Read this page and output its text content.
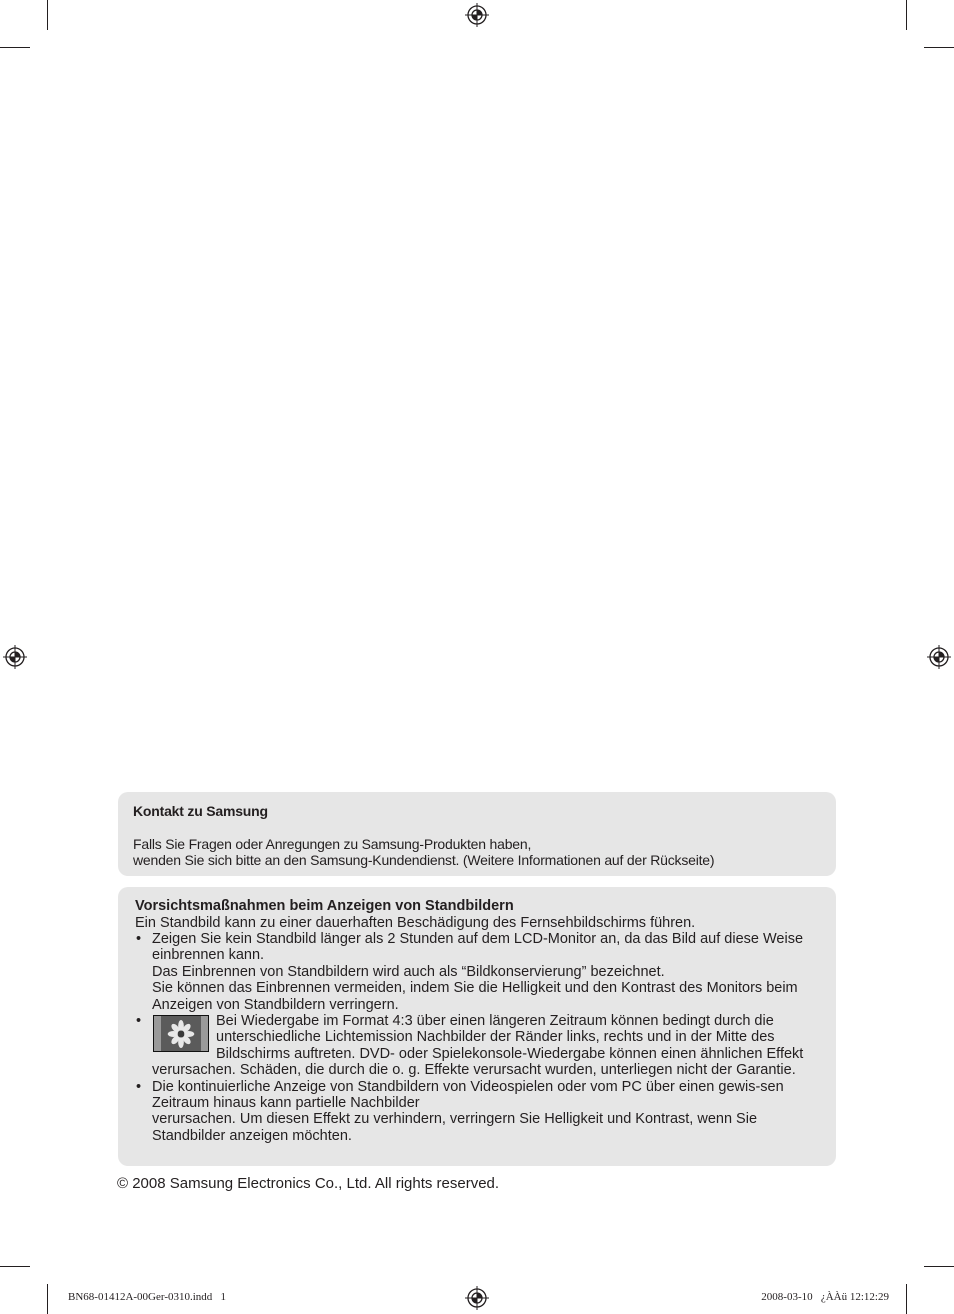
Kontakt zu Samsung

Falls Sie Fragen oder Anregungen zu Samsung-Produkten haben,
wenden Sie sich bitte an den Samsung-Kundendienst. (Weitere Informationen auf der Rückseite)

Vorsichtsmaßnahmen beim Anzeigen von Standbildern

Ein Standbild kann zu einer dauerhaften Beschädigung des Fernsehbildschirms führen.

• Zeigen Sie kein Standbild länger als 2 Stunden auf dem LCD-Monitor an, da das Bild auf diese Weise einbrennen kann.

Das Einbrennen von Standbildern wird auch als “Bildkonservierung” bezeichnet.

Sie können das Einbrennen vermeiden, indem Sie die Helligkeit und den Kontrast des Monitors beim Anzeigen von Standbildern verringern.

•	Bei Wiedergabe im Format 4:3 über einen längeren Zeitraum können bedingt durch die unterschiedliche Lichtemission Nachbilder der Ränder links, rechts und in der Mitte des Bildschirms auftreten. DVD- oder Spielekonsole-Wiedergabe können einen ähnlichen Effekt verursachen. Schäden, die durch die o. g. Effekte verursacht wurden, unterliegen nicht der Garantie.

• Die kontinuierliche Anzeige von Standbildern von Videospielen oder vom PC über einen gewis-sen Zeitraum hinaus kann partielle Nachbilder

verursachen. Um diesen Effekt zu verhindern, verringern Sie Helligkeit und Kontrast, wenn Sie Standbilder anzeigen möchten.

© 2008 Samsung Electronics Co., Ltd. All rights reserved.

BN68-01412A-00Ger-0310.indd   1	2008-03-10   ¿ÀÀü 12:12:29
